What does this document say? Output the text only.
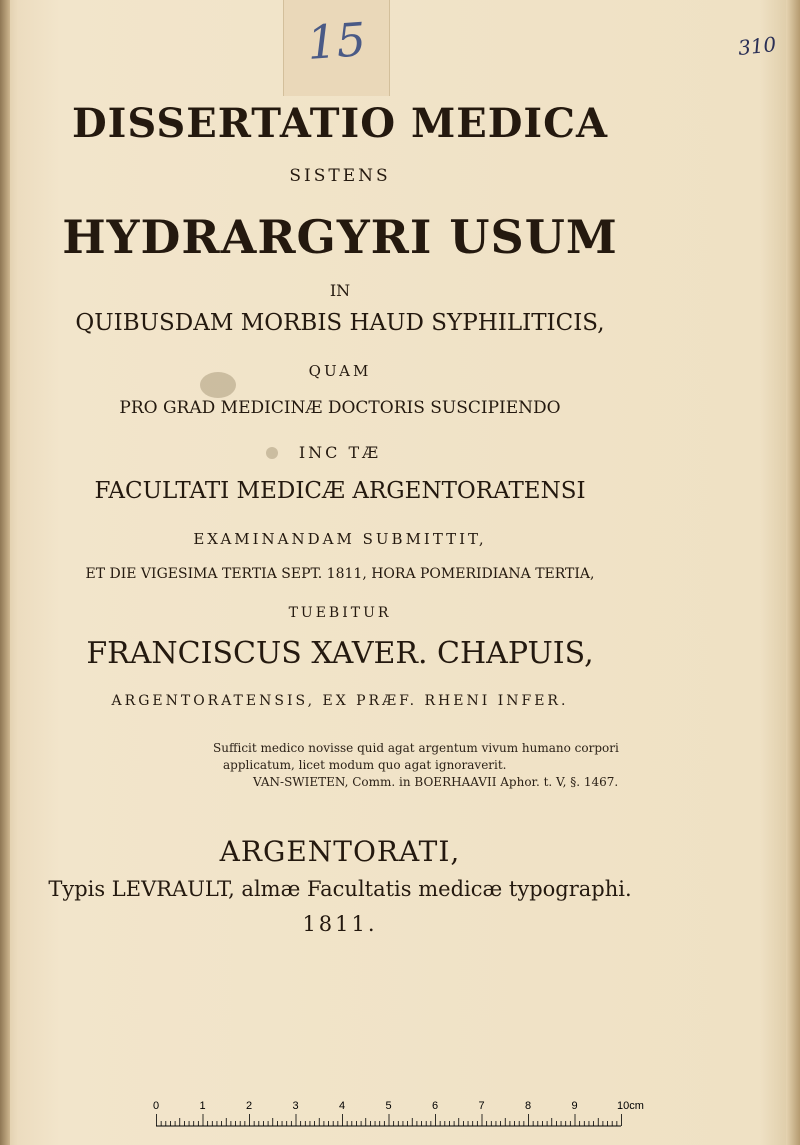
15	310
DISSERTATIO MEDICA
SISTENS
HYDRARGYRI USUM
IN
QUIBUSDAM MORBIS HAUD SYPHILITICIS,
QUAM
PRO GRAD MEDICINÆ DOCTORIS SUSCIPIENDO
INC TÆ
FACULTATI MEDICÆ ARGENTORATENSI
EXAMINANDAM SUBMITTIT,
ET DIE VIGESIMA TERTIA SEPT. 1811, HORA POMERIDIANA TERTIA,
TUEBITUR
FRANCISCUS XAVER. CHAPUIS,
ARGENTORATENSIS, EX PRÆF. RHENI INFER.
Sufficit medico novisse quid agat argentum vivum humano corpori
applicatum, licet modum quo agat ignoraverit.
VAN-SWIETEN, Comm. in BOERHAAVII Aphor. t. V, §. 1467.
ARGENTORATI,
Typis LEVRAULT, almæ Facultatis medicæ typographi.
1811.
0	1	2	3	4	5	6	7	8	9	10cm
